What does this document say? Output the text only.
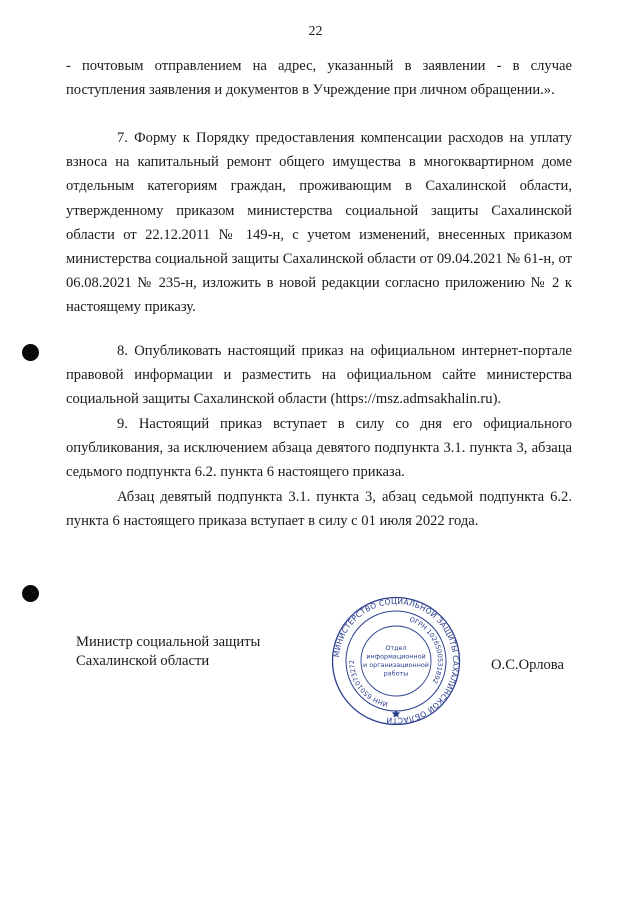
22

- почтовым отправлением на адрес, указанный в заявлении - в случае поступления заявления и документов в Учреждение при личном обращении.».

7. Форму к Порядку предоставления компенсации расходов на уплату взноса на капитальный ремонт общего имущества в многоквартирном доме отдельным категориям граждан, проживающим в Сахалинской области, утвержденному приказом министерства социальной защиты Сахалинской области от 22.12.2011 № 149-н, с учетом изменений, внесенных приказом министерства социальной защиты Сахалинской области от 09.04.2021 № 61-н, от 06.08.2021 № 235-н, изложить в новой редакции согласно приложению № 2 к настоящему приказу.

8. Опубликовать настоящий приказ на официальном интернет-портале правовой информации и разместить на официальном сайте министерства социальной защиты Сахалинской области (https://msz.admsakhalin.ru).

9. Настоящий приказ вступает в силу со дня его официального опубликования, за исключением абзаца девятого подпункта 3.1. пункта 3, абзаца седьмого подпункта 6.2. пункта 6 настоящего приказа.

Абзац девятый подпункта 3.1. пункта 3, абзац седьмой подпункта 6.2. пункта 6 настоящего приказа вступает в силу с 01 июля 2022 года.

Министр социальной защиты
Сахалинской области	МИНИСТЕРСТВО СОЦИАЛЬНОЙ ЗАЩИТЫ САХАЛИНСКОЙ ОБЛАСТИ
ОГРН 1026500531892
ИНН 6501073272
Отдел
информационной
и организационной
работы
О.С.Орлова
